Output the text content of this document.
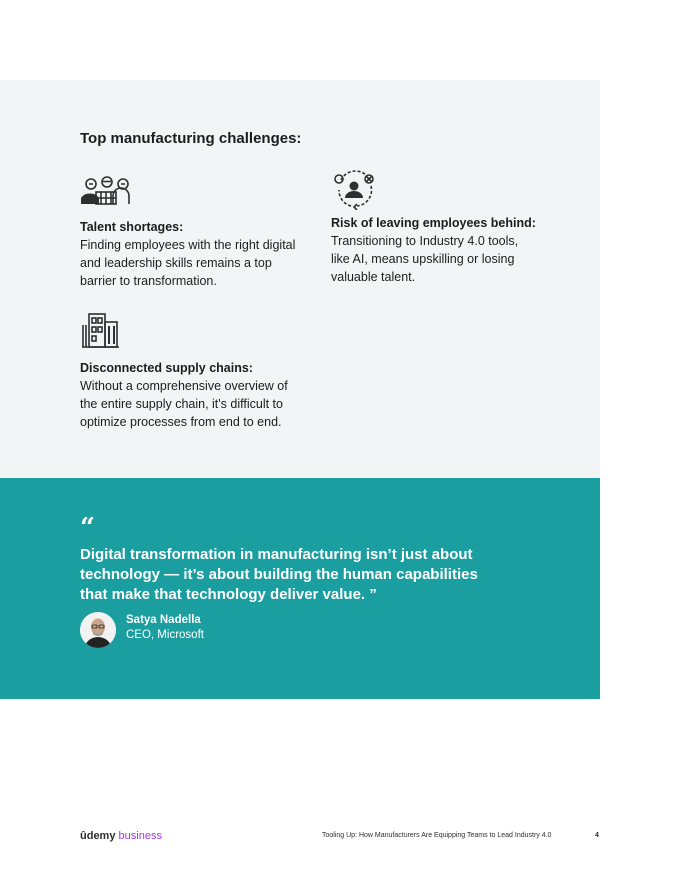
Top manufacturing challenges:
Talent shortages:
Finding employees with the right digital and leadership skills remains a top barrier to transformation.
Risk of leaving employees behind:
Transitioning to Industry 4.0 tools, like AI, means upskilling or losing valuable talent.
Disconnected supply chains:
Without a comprehensive overview of the entire supply chain, it's difficult to optimize processes from end to end.
“
Digital transformation in manufacturing isn’t just about technology — it’s about building the human capabilities that make that technology deliver value. ”
Satya Nadella
CEO, Microsoft
ûdemy business	Tooling Up: How Manufacturers Are Equipping Teams to Lead Industry 4.0	4
